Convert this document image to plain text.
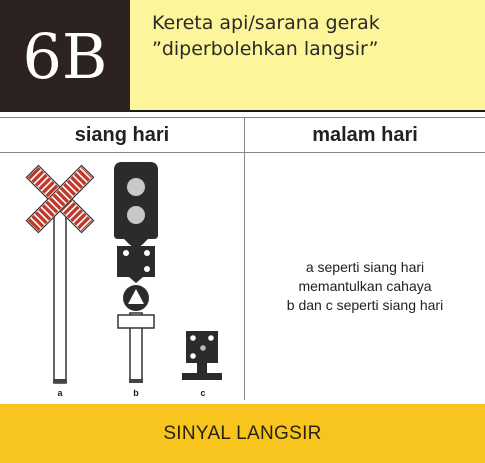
6B Kereta api/sarana gerak
”diperbolehkan langsir”
siang hari	malam hari
a	b	c
a seperti siang hari
memantulkan cahaya
b dan c seperti siang hari
SINYAL LANGSIR
